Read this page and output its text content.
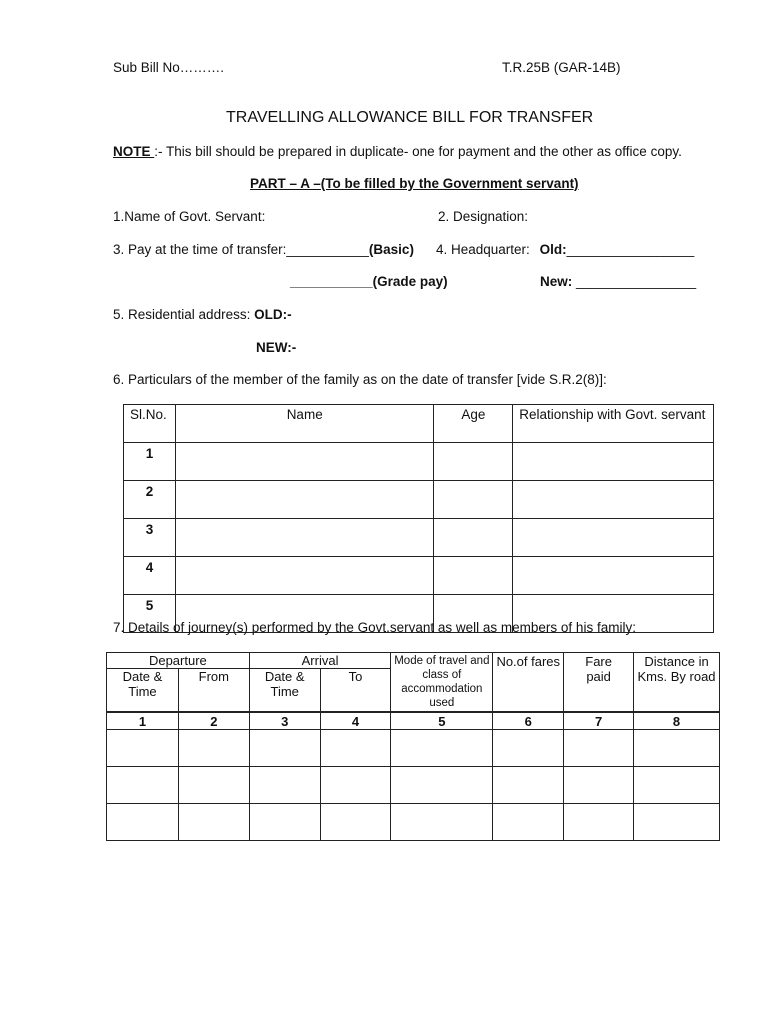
Sub Bill No……….	T.R.25B (GAR-14B)
TRAVELLING ALLOWANCE BILL FOR TRANSFER
NOTE :- This bill should be prepared in duplicate- one for payment and the other as office copy.
PART – A –(To be filled by the Government servant)
1.Name of Govt. Servant:	2. Designation:
3. Pay at the time of transfer:___________(Basic) 4. Headquarter: Old:_________________
___________(Grade pay)	New: ________________
5. Residential address: OLD:-
NEW:-
6. Particulars of the member of the family as on the date of transfer [vide S.R.2(8)]:
Sl.No.	Name	Age	Relationship with Govt. servant
1			
2			
3			
4			
5			
7. Details of journey(s) performed by the Govt.servant as well as members of his family:
Departure		Arrival		Mode of travel and class of accommodation used	No.of fares	Fare paid	Distance in Kms. By road
Date & Time	From	Date & Time	To				
1	2	3	4	5	6	7	8
